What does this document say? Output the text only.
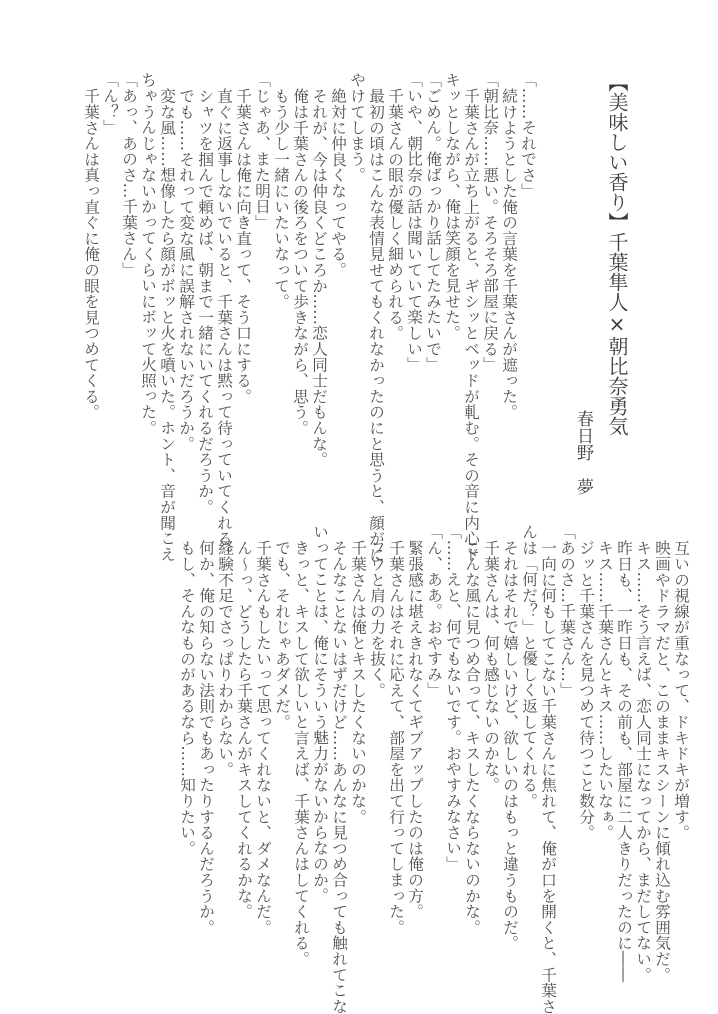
【美味しい香り】千葉隼人×朝比奈勇気
春日野　夢
「……それでさ」
続けようとした俺の言葉を千葉さんが遮った。
「朝比奈……悪い。そろそろ部屋に戻る」
千葉さんが立ち上がると、ギシッとベッドが軋む。その音に内心ド
キッとしながら、俺は笑顔を見せた。
「ごめん。俺ばっかり話してたみたいで」
「いや、朝比奈の話は聞いていて楽しい」
千葉さんの眼が優しく細められる。
最初の頃はこんな表情見せてもくれなかったのにと思うと、顔がに
やけてしまう。
絶対に仲良くなってやる。
それが、今は仲良くどころか……恋人同士だもんな。
俺は千葉さんの後ろをついて歩きながら、思う。
もう少し一緒にいたいなって。
「じゃあ、また明日」
千葉さんは俺に向き直って、そう口にする。
直ぐに返事しないでいると、千葉さんは黙って待っていてくれる。
シャツを掴んで頼めば、朝まで一緒にいてくれるだろうか。
でも……それって変な風に誤解されないだろうか。
変な風……想像したら顔がボッと火を噴いた。ホント、音が聞こえ
ちゃうんじゃないかってくらいにボッて火照った。
「あっ、あのさ…千葉さん」
「ん？」
千葉さんは真っ直ぐに俺の眼を見つめてくる。
互いの視線が重なって、ドキドキが増す。
映画やドラマだと、このままキスシーンに傾れ込む雰囲気だ。
キス……そう言えば、恋人同士になってから、まだしてない。
昨日も、一昨日も、その前も、部屋に二人きりだったのに――
キス……千葉さんとキス……したいなぁ。
ジッと千葉さんを見つめて待つこと数分。
「あのさ…千葉さん…」
一向に何もしてこない千葉さんに焦れて、俺が口を開くと、千葉さ
んは「何だ？」と優しく返してくれる。
それはそれで嬉しいけど、欲しいのはもっと違うものだ。
千葉さんは、何も感じないのかな。
こんな風に見つめ合って、キスしたくならないのかな。
「……えと、何でもないです。おやすみなさい」
「ん、ああ。おやすみ」
緊張感に堪えきれなくてギブアップしたのは俺の方。
千葉さんはそれに応えて、部屋を出て行ってしまった。
フウと肩の力を抜く。
千葉さんは俺とキスしたくないのかな。
そんなことないはずだけど……あんなに見つめ合っても触れてこな
いってことは、俺にそういう魅力がないからなのか。
きっと、キスして欲しいと言えば、千葉さんはしてくれる。
でも、それじゃあダメだ。
千葉さんもしたいって思ってくれないと、ダメなんだ。
ん～っ、どうしたら千葉さんがキスしてくれるかな。
経験不足でさっぱりわからない。
何か、俺の知らない法則でもあったりするんだろうか。
もし、そんなものがあるなら……知りたい。
